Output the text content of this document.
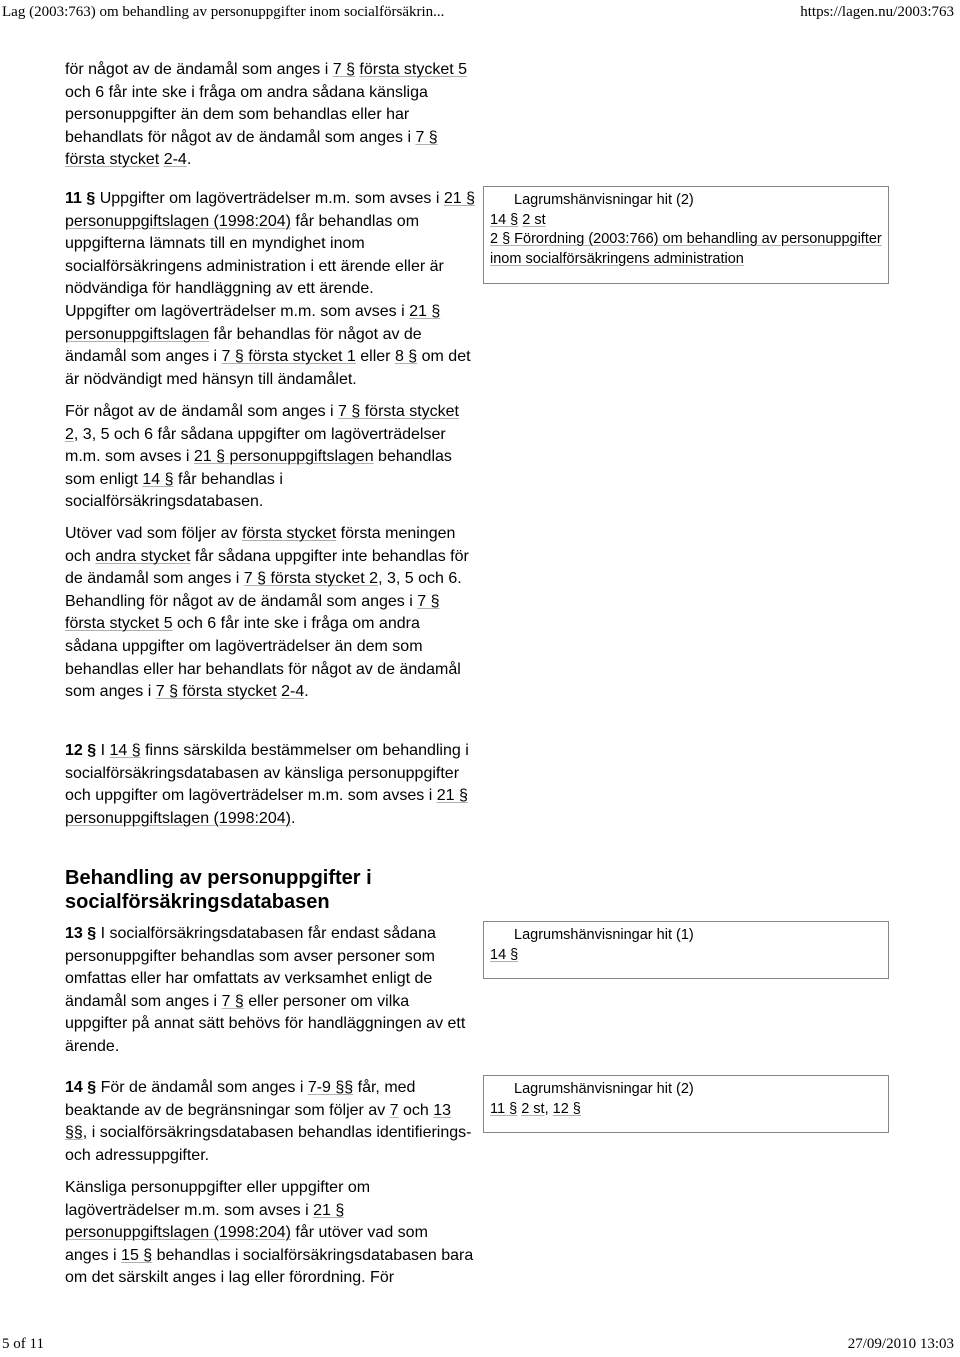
Lag (2003:763) om behandling av personuppgifter inom socialförsäkrin...	https://lagen.nu/2003:763

för något av de ändamål som anges i 7 § första stycket 5 och 6 får inte ske i fråga om andra sådana känsliga personuppgifter än dem som behandlas eller har behandlats för något av de ändamål som anges i 7 § första stycket 2-4.

11 § Uppgifter om lagöverträdelser m.m. som avses i 21 § personuppgiftslagen (1998:204) får behandlas om uppgifterna lämnats till en myndighet inom socialförsäkringens administration i ett ärende eller är nödvändiga för handläggning av ett ärende.

Uppgifter om lagöverträdelser m.m. som avses i 21 § personuppgiftslagen får behandlas för något av de ändamål som anges i 7 § första stycket 1 eller 8 § om det är nödvändigt med hänsyn till ändamålet.

För något av de ändamål som anges i 7 § första stycket 2, 3, 5 och 6 får sådana uppgifter om lagöverträdelser m.m. som avses i 21 § personuppgiftslagen behandlas som enligt 14 § får behandlas i socialförsäkringsdatabasen.

Utöver vad som följer av första stycket första meningen och andra stycket får sådana uppgifter inte behandlas för de ändamål som anges i 7 § första stycket 2, 3, 5 och 6. Behandling för något av de ändamål som anges i 7 § första stycket 5 och 6 får inte ske i fråga om andra sådana uppgifter om lagöverträdelser än dem som behandlas eller har behandlats för något av de ändamål som anges i 7 § första stycket 2-4.

12 § I 14 § finns särskilda bestämmelser om behandling i socialförsäkringsdatabasen av känsliga personuppgifter och uppgifter om lagöverträdelser m.m. som avses i 21 § personuppgiftslagen (1998:204).

Behandling av personuppgifter i socialförsäkringsdatabasen

13 § I socialförsäkringsdatabasen får endast sådana personuppgifter behandlas som avser personer som omfattas eller har omfattats av verksamhet enligt de ändamål som anges i 7 § eller personer om vilka uppgifter på annat sätt behövs för handläggningen av ett ärende.

14 § För de ändamål som anges i 7-9 §§ får, med beaktande av de begränsningar som följer av 7 och 13 §§, i socialförsäkringsdatabasen behandlas identifierings- och adressuppgifter.

Känsliga personuppgifter eller uppgifter om lagöverträdelser m.m. som avses i 21 § personuppgiftslagen (1998:204) får utöver vad som anges i 15 § behandlas i socialförsäkringsdatabasen bara om det särskilt anges i lag eller förordning. För

Lagrumshänvisningar hit (2)
14 § 2 st
2 § Förordning (2003:766) om behandling av personuppgifter inom socialförsäkringens administration
Lagrumshänvisningar hit (1)
14 §
Lagrumshänvisningar hit (2)
11 § 2 st, 12 §
5 of 11	27/09/2010 13:03
